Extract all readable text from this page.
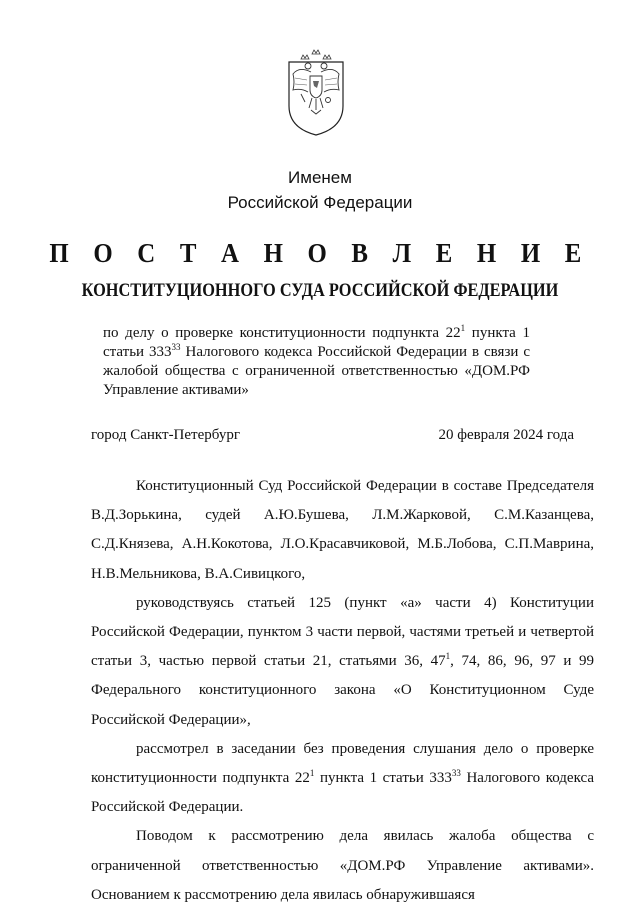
Именем
Российской Федерации
П О С Т А Н О В Л Е Н И Е
КОНСТИТУЦИОННОГО СУДА РОССИЙСКОЙ ФЕДЕРАЦИИ
по делу о проверке конституционности подпункта $22^1$ пункта 1 статьи $333^{33}$ Налогового кодекса Российской Федерации в связи с жалобой общества с ограниченной ответственностью «ДОМ.РФ Управление активами»
город Санкт-Петербург	20 февраля 2024 года

Конституционный Суд Российской Федерации в составе Председателя В.Д.Зорькина, судей А.Ю.Бушева, Л.М.Жарковой, С.М.Казанцева, С.Д.Князева, А.Н.Кокотова, Л.О.Красавчиковой, М.Б.Лобова, С.П.Маврина, Н.В.Мельникова, В.А.Сивицкого,

руководствуясь статьей 125 (пункт «а» части 4) Конституции Российской Федерации, пунктом 3 части первой, частями третьей и четвертой статьи 3, частью первой статьи 21, статьями 36, $47^1$, 74, 86, 96, 97 и 99 Федерального конституционного закона «О Конституционном Суде Российской Федерации»,

рассмотрел в заседании без проведения слушания дело о проверке конституционности подпункта $22^1$ пункта 1 статьи $333^{33}$ Налогового кодекса Российской Федерации.

Поводом к рассмотрению дела явилась жалоба общества с ограниченной ответственностью «ДОМ.РФ Управление активами». Основанием к рассмотрению дела явилась обнаружившаяся
